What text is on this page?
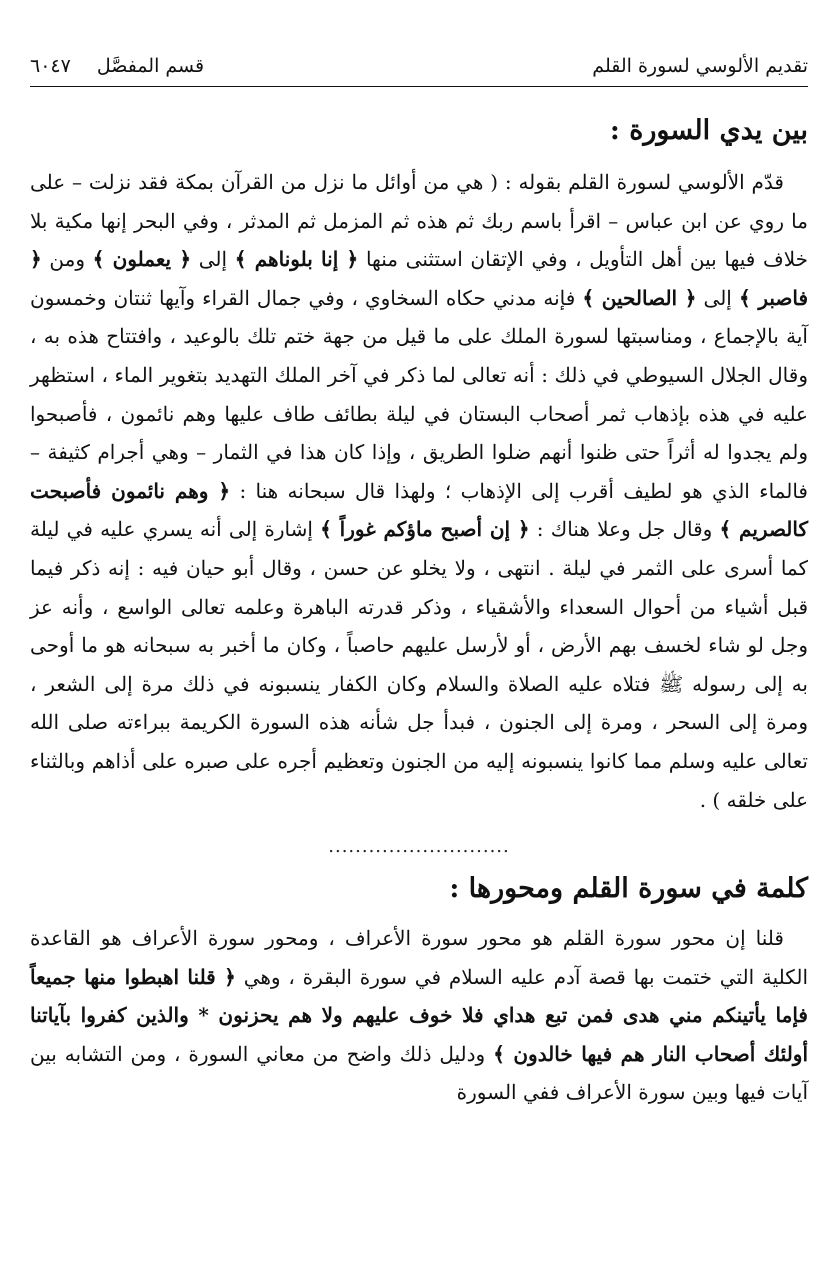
تقديم الألوسي لسورة القلم
قسم المفصَّل
٦٠٤٧
بين يدي السورة :

قدّم الألوسي لسورة القلم بقوله : ( هي من أوائل ما نزل من القرآن بمكة فقد نزلت – على ما روي عن ابن عباس – اقرأ باسم ربك ثم هذه ثم المزمل ثم المدثر ، وفي البحر إنها مكية بلا خلاف فيها بين أهل التأويل ، وفي الإتقان استثنى منها ﴿ إنا بلوناهم ﴾ إلى ﴿ يعملون ﴾ ومن ﴿ فاصبر ﴾ إلى ﴿ الصالحين ﴾ فإنه مدني حكاه السخاوي ، وفي جمال القراء وآيها ثنتان وخمسون آية بالإجماع ، ومناسبتها لسورة الملك على ما قيل من جهة ختم تلك بالوعيد ، وافتتاح هذه به ، وقال الجلال السيوطي في ذلك : أنه تعالى لما ذكر في آخر الملك التهديد بتغوير الماء ، استظهر عليه في هذه بإذهاب ثمر أصحاب البستان في ليلة بطائف طاف عليها وهم نائمون ، فأصبحوا ولم يجدوا له أثراً حتى ظنوا أنهم ضلوا الطريق ، وإذا كان هذا في الثمار – وهي أجرام كثيفة – فالماء الذي هو لطيف أقرب إلى الإذهاب ؛ ولهذا قال سبحانه هنا : ﴿ وهم نائمون فأصبحت كالصريم ﴾ وقال جل وعلا هناك : ﴿ إن أصبح ماؤكم غوراً ﴾ إشارة إلى أنه يسري عليه في ليلة كما أسرى على الثمر في ليلة . انتهى ، ولا يخلو عن حسن ، وقال أبو حيان فيه : إنه ذكر فيما قبل أشياء من أحوال السعداء والأشقياء ، وذكر قدرته الباهرة وعلمه تعالى الواسع ، وأنه عز وجل لو شاء لخسف بهم الأرض ، أو لأرسل عليهم حاصباً ، وكان ما أخبر به سبحانه هو ما أوحى به إلى رسوله ﷺ فتلاه عليه الصلاة والسلام وكان الكفار ينسبونه في ذلك مرة إلى الشعر ، ومرة إلى السحر ، ومرة إلى الجنون ، فبدأ جل شأنه هذه السورة الكريمة ببراءته صلى الله تعالى عليه وسلم مما كانوا ينسبونه إليه من الجنون وتعظيم أجره على صبره على أذاهم وبالثناء على خلقه ) .

...........................
كلمة في سورة القلم ومحورها :

قلنا إن محور سورة القلم هو محور سورة الأعراف ، ومحور سورة الأعراف هو القاعدة الكلية التي ختمت بها قصة آدم عليه السلام في سورة البقرة ، وهي ﴿ قلنا اهبطوا منها جميعاً فإما يأتينكم مني هدى فمن تبع هداي فلا خوف عليهم ولا هم يحزنون * والذين كفروا بآياتنا أولئك أصحاب النار هم فيها خالدون ﴾ ودليل ذلك واضح من معاني السورة ، ومن التشابه بين آيات فيها وبين سورة الأعراف ففي السورة
